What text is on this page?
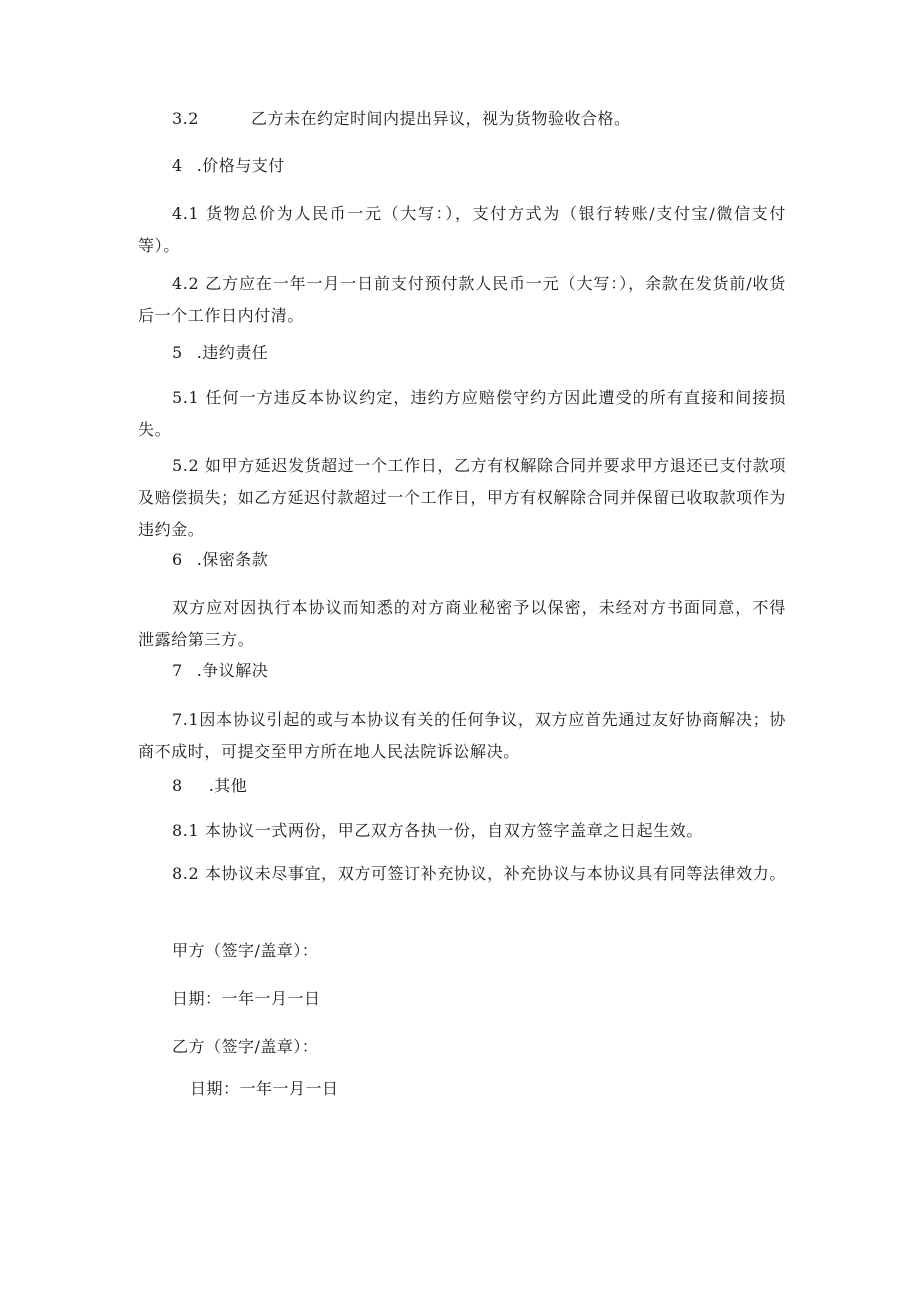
3.2	乙方未在约定时间内提出异议，视为货物验收合格。
4 .价格与支付
4.1 货物总价为人民币一元（大写：），支付方式为（银行转账/支付宝/微信支付等）。
4.2 乙方应在一年一月一日前支付预付款人民币一元（大写：），余款在发货前/收货后一个工作日内付清。
5 .违约责任
5.1 任何一方违反本协议约定，违约方应赔偿守约方因此遭受的所有直接和间接损失。
5.2 如甲方延迟发货超过一个工作日，乙方有权解除合同并要求甲方退还已支付款项及赔偿损失；如乙方延迟付款超过一个工作日，甲方有权解除合同并保留已收取款项作为违约金。
6 .保密条款
双方应对因执行本协议而知悉的对方商业秘密予以保密，未经对方书面同意，不得泄露给第三方。
7 .争议解决
7.1因本协议引起的或与本协议有关的任何争议，双方应首先通过友好协商解决；协商不成时，可提交至甲方所在地人民法院诉讼解决。
8 .其他
8.1 本协议一式两份，甲乙双方各执一份，自双方签字盖章之日起生效。
8.2 本协议未尽事宜，双方可签订补充协议，补充协议与本协议具有同等法律效力。
甲方（签字/盖章）：
日期：一年一月一日
乙方（签字/盖章）：
日期：一年一月一日
